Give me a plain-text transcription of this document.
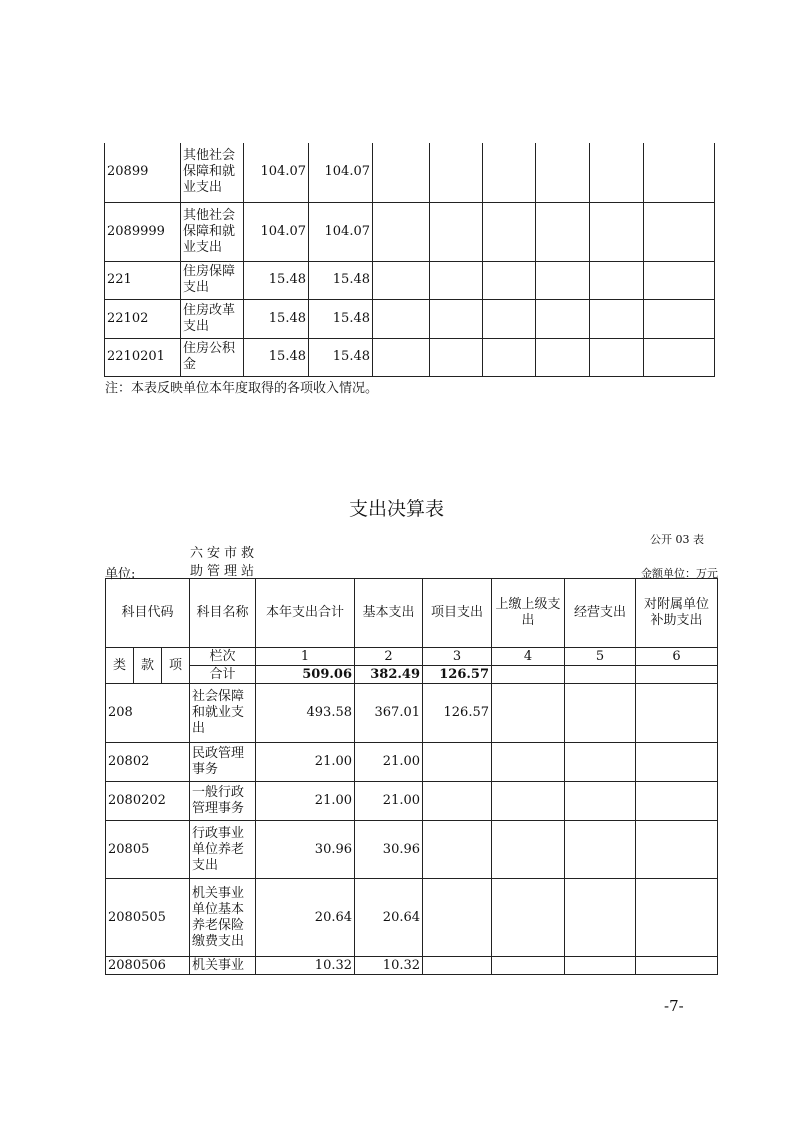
20899	其他社会保障和就业支出	104.07	104.07						
2089999	其他社会保障和就业支出	104.07	104.07						
221	住房保障支出	15.48	15.48						
22102	住房改革支出	15.48	15.48						
2210201	住房公积金	15.48	15.48						
注：本表反映单位本年度取得的各项收入情况。
支出决算表
公开 03 表
六安市救助管理站
单位:	金额单位：万元
科目代码			科目名称	本年支出合计	基本支出	项目支出	上缴上级支出	经营支出	对附属单位补助支出
类	款	项	栏次	1	2	3	4	5	6
			合计	509.06	382.49	126.57			
208			社会保障和就业支出	493.58	367.01	126.57			
20802			民政管理事务	21.00	21.00				
2080202			一般行政管理事务	21.00	21.00				
20805			行政事业单位养老支出	30.96	30.96				
2080505			机关事业单位基本养老保险缴费支出	20.64	20.64				
2080506			机关事业	10.32	10.32				
-7-
